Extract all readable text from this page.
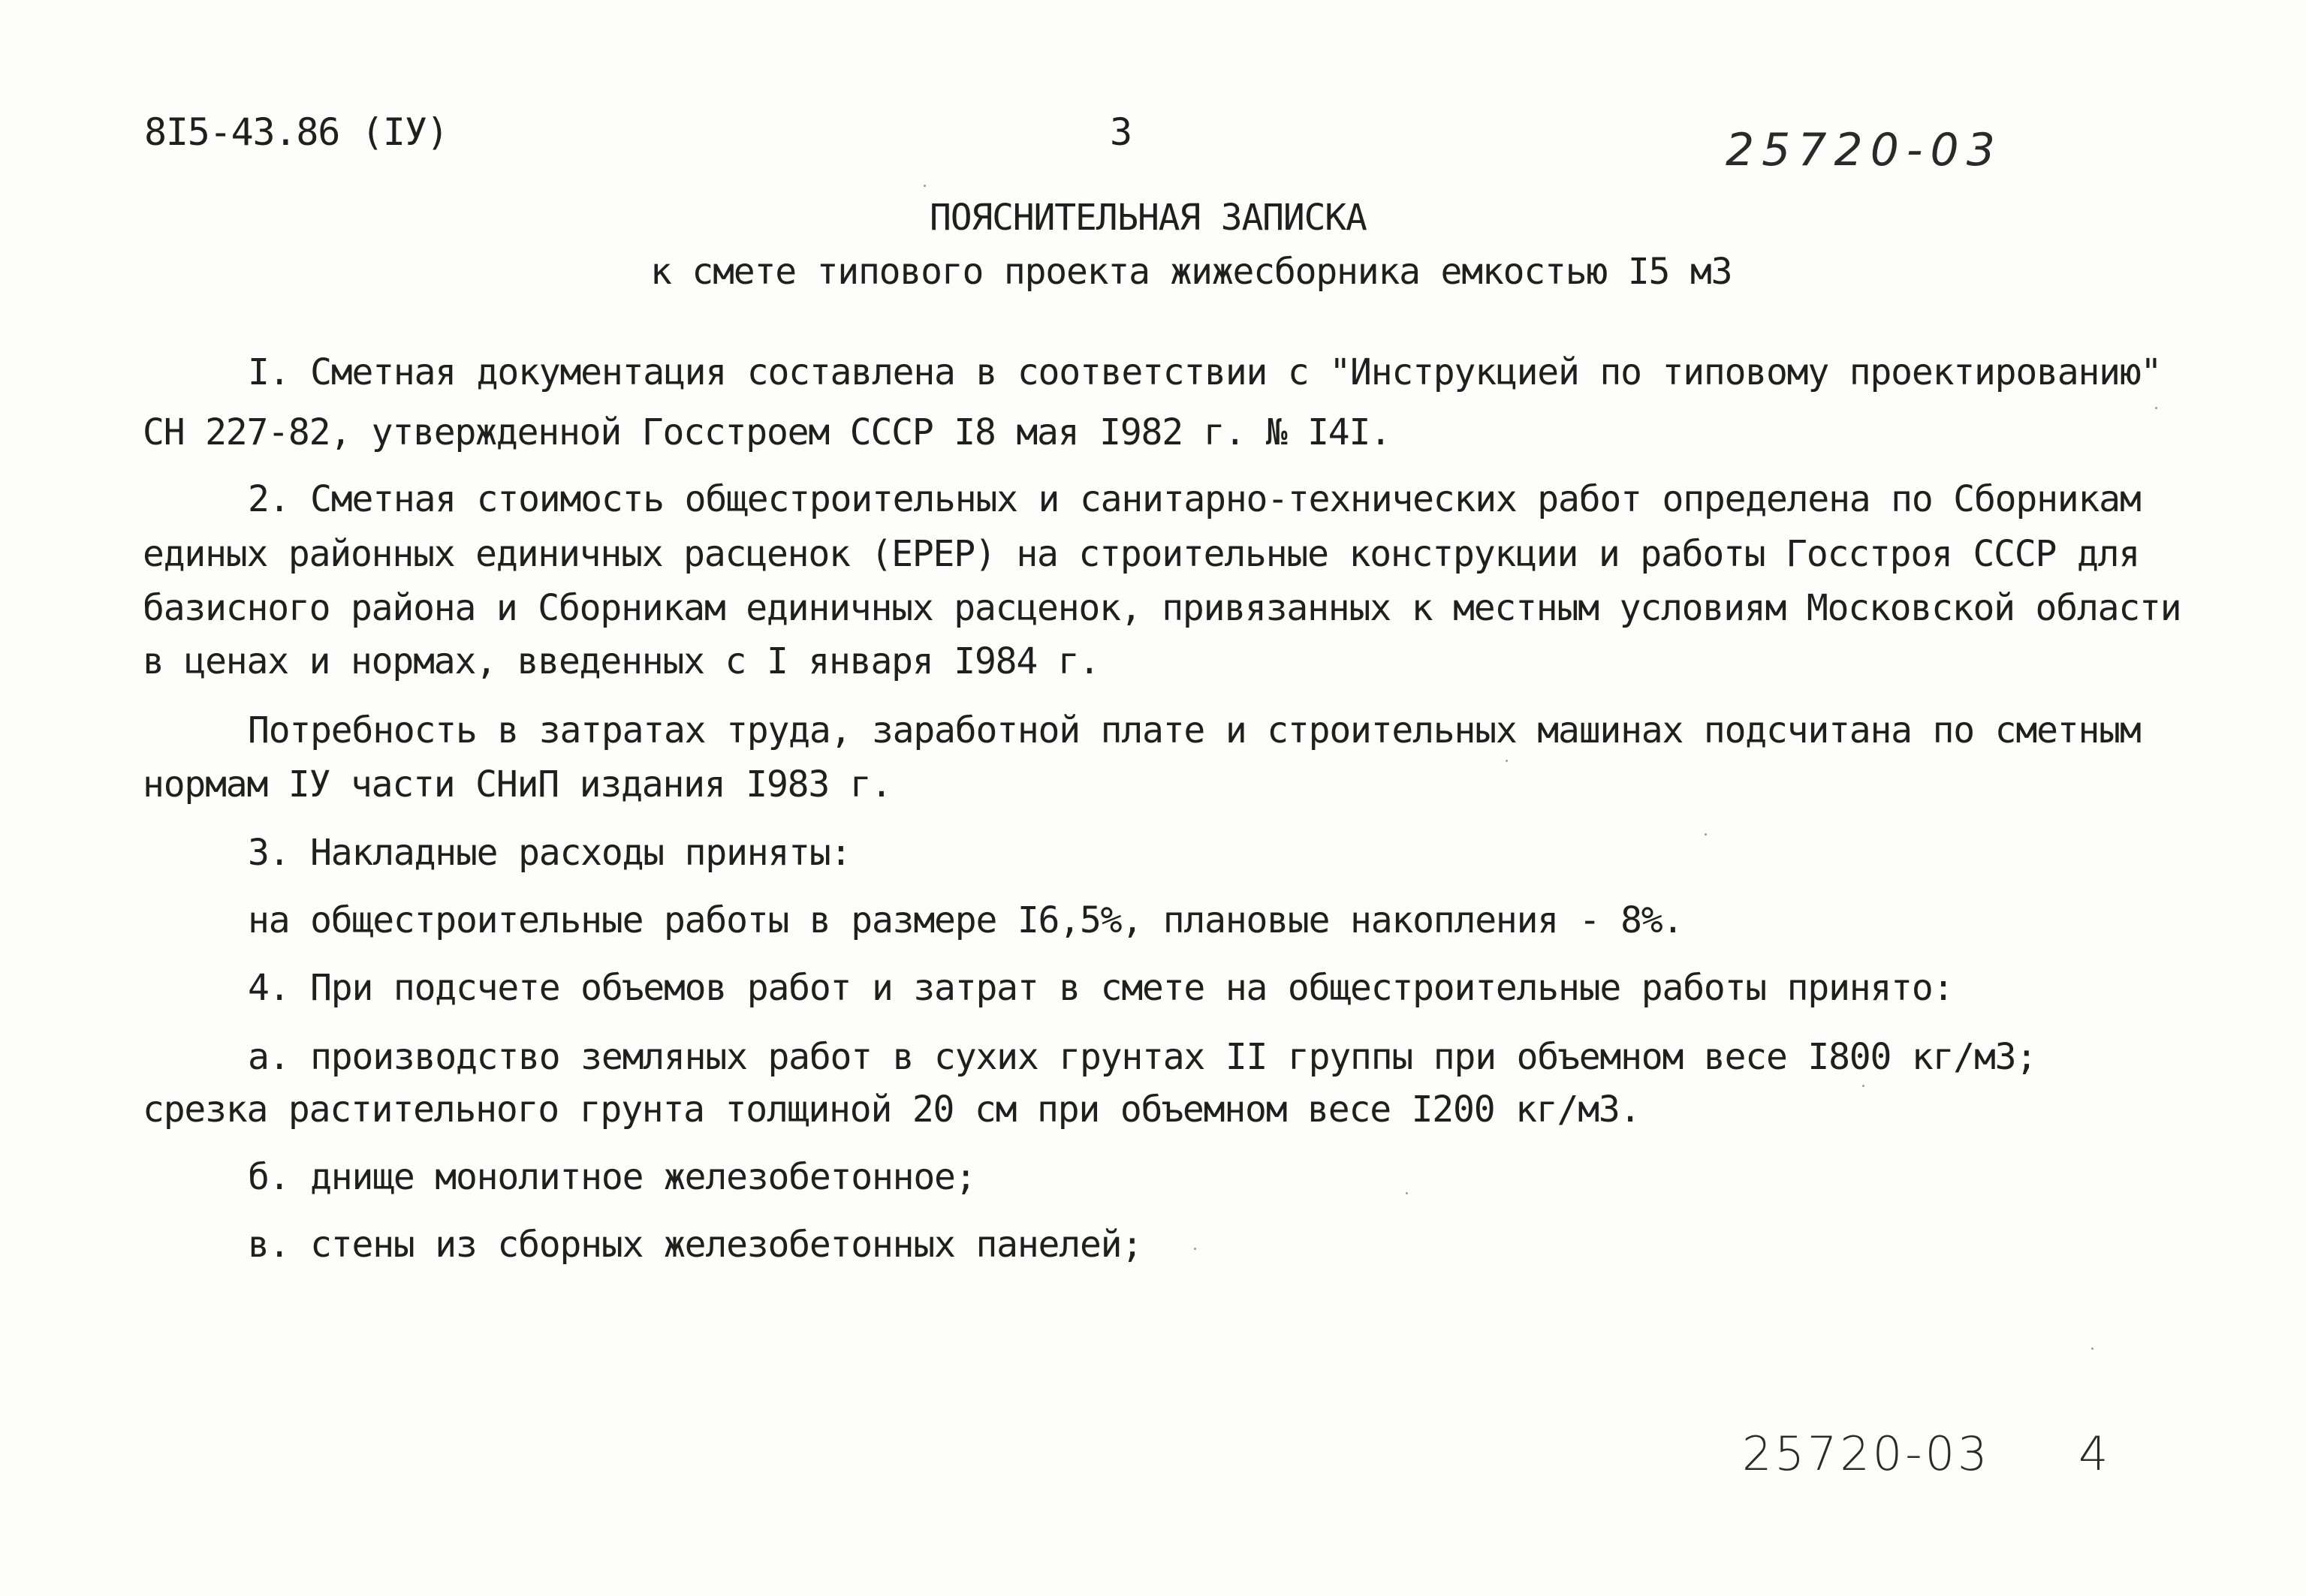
8I5-43.86 (IУ)	3	25720-03
ПОЯСНИТЕЛЬНАЯ ЗАПИСКА
к смете типового проекта жижесборника емкостью I5 м3
I. Сметная документация составлена в соответствии с "Инструкцией по типовому проектированию"
СН 227-82, утвержденной Госстроем СССР I8 мая I982 г. № I4I.
2. Сметная стоимость общестроительных и санитарно-технических работ определена по Сборникам
единых районных единичных расценок (ЕРЕР) на строительные конструкции и работы Госстроя СССР для
базисного района и Сборникам единичных расценок, привязанных к местным условиям Московской области
в ценах и нормах, введенных с I января I984 г.
Потребность в затратах труда, заработной плате и строительных машинах подсчитана по сметным
нормам IУ части СНиП издания I983 г.
3. Накладные расходы приняты:
на общестроительные работы в размере I6,5%, плановые накопления - 8%.
4. При подсчете объемов работ и затрат в смете на общестроительные работы принято:
а. производство земляных работ в сухих грунтах II группы при объемном весе I800 кг/м3;
срезка растительного грунта толщиной 20 см при объемном весе I200 кг/м3.
б. днище монолитное железобетонное;
в. стены из сборных железобетонных панелей;
25720-03 4
